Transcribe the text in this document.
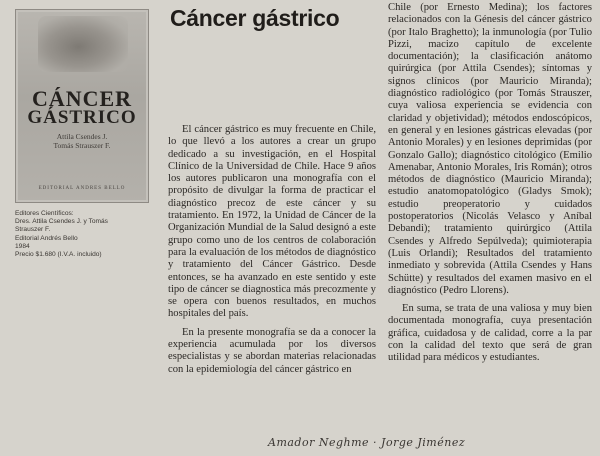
CÁNCER
GÁSTRICO
Attila Csendes J.
Tomás Strauszer F.
EDITORIAL ANDRES BELLO
Editores Científicos:
Dres. Attila Csendes J. y Tomás
Strauszer F.
Editorial Andrés Bello
1984
Precio $1.680 (I.V.A. incluido)
Cáncer gástrico

El cáncer gástrico es muy frecuente en Chile, lo que llevó a los autores a crear un grupo dedicado a su investigación, en el Hospital Clínico de la Universidad de Chile. Hace 9 años los autores publicaron una monografía con el propósito de divulgar la forma de practicar el diagnóstico precoz de este cáncer y su tratamiento. En 1972, la Unidad de Cáncer de la Organización Mundial de la Salud designó a este grupo como uno de los centros de colaboración para la evaluación de los métodos de diagnóstico y tratamiento del Cáncer Gástrico. Desde entonces, se ha avanzado en este sentido y este tipo de cáncer se diagnostica más precozmente y se opera con buenos resultados, en muchos hospitales del país.

En la presente monografía se da a conocer la experiencia acumulada por los diversos especialistas y se abordan materias relacionadas con la epidemiología del cáncer gástrico en

Chile (por Ernesto Medina); los factores relacionados con la Génesis del cáncer gástrico (por Italo Braghetto); la inmunología (por Tulio Pizzi, macizo capítulo de excelente documentación); la clasificación anátomo quirúrgica (por Attila Csendes); síntomas y signos clínicos (por Mauricio Miranda); diagnóstico radiológico (por Tomás Strauszer, cuya valiosa experiencia se evidencia con claridad y objetividad); métodos endoscópicos, en general y en lesiones gástricas elevadas (por Antonio Morales) y en lesiones deprimidas (por Gonzalo Gallo); diagnóstico citológico (Emilio Amenabar, Antonio Morales, Iris Román); otros métodos de diagnóstico (Mauricio Miranda); estudio anatomopatológico (Gladys Smok); estudio preoperatorio y cuidados postoperatorios (Nicolás Velasco y Aníbal Debandi); tratamiento quirúrgico (Attila Csendes y Alfredo Sepúlveda); quimioterapia (Luis Orlandi); Resultados del tratamiento inmediato y sobrevida (Attila Csendes y Hans Schütte) y resultados del examen masivo en el diagnóstico (Pedro Llorens).

En suma, se trata de una valiosa y muy bien documentada monografía, cuya presentación gráfica, cuidadosa y de calidad, corre a la par con la calidad del texto que será de gran utilidad para médicos y estudiantes.

Amador Neghme · Jorge Jiménez
